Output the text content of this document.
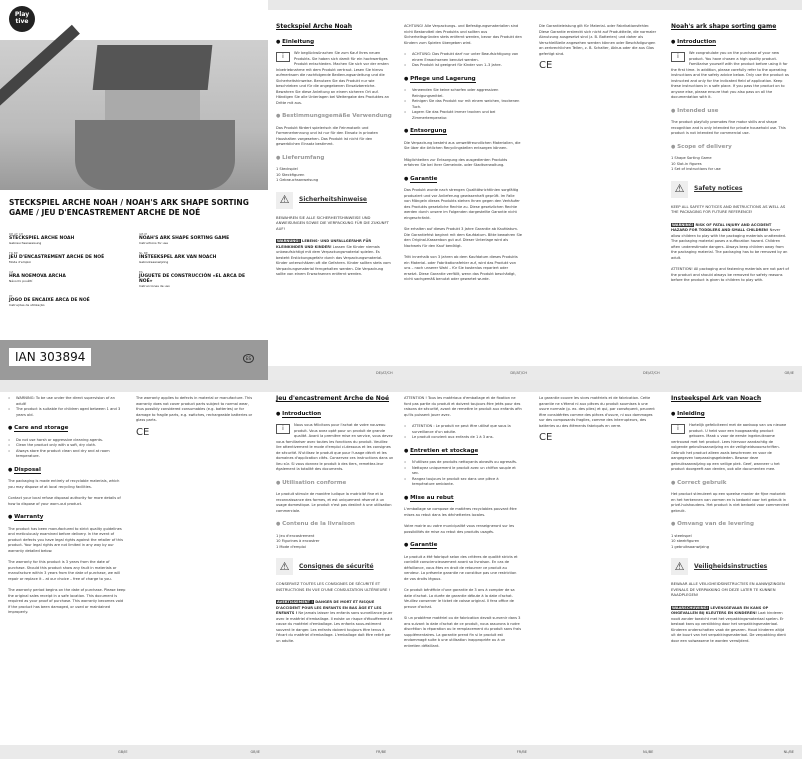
Play
tive
STECKSPIEL ARCHE NOAH / NOAH'S ARK SHAPE SORTING GAME / JEU D'ENCASTREMENT ARCHE DE NOÉ
DE AT CH
STECKSPIEL ARCHE NOAH
Gebrauchsanweisung
GB IE
NOAH'S ARK SHAPE SORTING GAME
Instructions for use
FR BE
JEU D'ENCASTREMENT ARCHE DE NOÉ
Mode d'emploi
NL BE
INSTEEKSPEL ARK VAN NOACH
Gebruiksaanwijzing
CZ
HRA NOEMOVA ARCHA
Návod k použití
ES
JUGUETE DE CONSTRUCCIÓN «EL ARCA DE NOÉ»
Instrucciones de uso
PT
JOGO DE ENCAIXE ARCA DE NOÉ
Instruções de utilização
IAN 303894	ES
Steckspiel Arche Noah
● Einleitung
i	Wir beglückwünschen Sie zum Kauf Ihres neuen Produkts. Sie haben sich damit für ein hochwertiges Produkt entschieden. Machen Sie sich vor der ersten Inbetriebnahme mit dem Produkt vertraut. Lesen Sie hierzu aufmerksam die nachfolgende Bedienungsanleitung und die Sicherheitshinweise. Benutzen Sie das Produkt nur wie beschrieben und für die angegebenen Einsatzbereiche. Bewahren Sie diese Anleitung an einem sicheren Ort auf. Händigen Sie alle Unterlagen bei Weitergabe des Produktes an Dritte mit aus.
● Bestimmungsgemäße Verwendung
Das Produkt fördert spielerisch die Feinmotorik und Formenerkennung und ist nur für den Einsatz in privaten Haushalten vorgesehen. Das Produkt ist nicht für den gewerblichen Einsatz bestimmt.
● Lieferumfang
1 Steckspiel
10 Steckfiguren
1 Gebrauchsanweisung
⚠	Sicherheitshinweise
BEWAHREN SIE ALLE SICHERHEITSHINWEISE UND ANWEISUNGEN SOWIE DIE VERPACKUNG FÜR DIE ZUKUNFT AUF!
WARNUNG! LEBENS- UND UNFALLGEFAHR FÜR KLEINKINDER UND KINDER! Lassen Sie Kinder niemals unbeaufsichtigt mit dem Verpackungsmaterial spielen. Es besteht Erstickungsgefahr durch das Verpackungsmaterial. Kinder unterschätzen oft die Gefahren. Kinder sollten stets vom Verpackungsmaterial ferngehalten werden. Die Verpackung sollte von einem Erwachsenen entfernt werden.
ACHTUNG! Alle Verpackungs- und Befestigungsmaterialien sind nicht Bestandteil des Produkts und sollten aus Sicherheitsgründen stets entfernt werden, bevor das Produkt den Kindern zum Spielen übergeben wird.
▫ ACHTUNG: Das Produkt darf nur unter Beaufsichtigung von einem Erwachsenen benutzt werden.
▫ Das Produkt ist geeignet für Kinder von 1–3 Jahre.
● Pflege und Lagerung
▫ Verwenden Sie keine scharfen oder aggressiven Reinigungsmittel.
▫ Reinigen Sie das Produkt nur mit einem weichen, trockenen Tuch.
▫ Lagern Sie das Produkt immer trocken und bei Zimmertemperatur.
● Entsorgung
Die Verpackung besteht aus umweltfreundlichen Materialien, die Sie über die örtlichen Recyclingstellen entsorgen können.
Möglichkeiten zur Entsorgung des ausgedienten Produkts erfahren Sie bei Ihrer Gemeinde- oder Stadtverwaltung.
● Garantie
Das Produkt wurde nach strengen Qualitätsrichtlinien sorgfältig produziert und vor Anlieferung gewissenhaft geprüft. Im Falle von Mängeln dieses Produkts stehen Ihnen gegen den Verkäufer des Produkts gesetzliche Rechte zu. Diese gesetzlichen Rechte werden durch unsere im Folgenden dargestellte Garantie nicht eingeschränkt.
Sie erhalten auf dieses Produkt 3 Jahre Garantie ab Kaufdatum. Die Garantiefrist beginnt mit dem Kaufdatum. Bitte bewahren Sie den Original-Kassenbon gut auf. Dieser Unterlage wird als Nachweis für den Kauf benötigt.
Tritt innerhalb von 3 Jahren ab dem Kaufdatum dieses Produkts ein Material- oder Fabrikationsfehler auf, wird das Produkt von uns – nach unserer Wahl – für Sie kostenlos repariert oder ersetzt. Diese Garantie verfällt, wenn das Produkt beschädigt, nicht sachgemäß benutzt oder gewartet wurde.
DE/AT/CH	DE/AT/CH
Die Garantieleistung gilt für Material- oder Fabrikationsfehler. Diese Garantie erstreckt sich nicht auf Produktteile, die normaler Abnutzung ausgesetzt sind (z. B. Batterien) und daher als Verschleißteile angesehen werden können oder Beschädigungen an zerbrechlichen Teilen, z. B. Schalter, Akkus oder die aus Glas gefertigt sind.
CE
Noah's ark shape sorting game
● Introduction
i	We congratulate you on the purchase of your new product. You have chosen a high quality product. Familiarise yourself with the product before using it for the first time. In addition, please carefully refer to the operating instructions and the safety advice below. Only use the product as instructed and only for the indicated field of application. Keep these instructions in a safe place. If you pass the product on to anyone else, please ensure that you also pass on all the documentation with it.
● Intended use
The product playfully promotes fine motor skills and shape recognition and is only intended for private household use. This product is not intended for commercial use.
● Scope of delivery
1 Shape Sorting Game
10 Slot-in figures
1 Set of instructions for use
⚠	Safety notices
KEEP ALL SAFETY NOTICES AND INSTRUCTIONS AS WELL AS THE PACKAGING FOR FUTURE REFERENCE!
WARNING! RISK OF FATAL INJURY AND ACCIDENT HAZARD FOR TODDLERS AND SMALL CHILDREN! Never allow children to play with the packaging materials unattended. The packaging material poses a suffocation hazard. Children often underestimate dangers. Always keep children away from the packaging material. The packaging has to be removed by an adult.
ATTENTION! All packaging and fastening materials are not part of the product and should always be removed for safety reasons before the product is given to children to play with.
DE/AT/CH	GB/IE
▫ WARNING: To be use under the direct supervision of an adult!
▫ The product is suitable for children aged between 1 and 3 years old.
● Care and storage
▫ Do not use harsh or aggressive cleaning agents.
▫ Clean the product only with a soft, dry cloth.
▫ Always store the product clean and dry and at room temperature.
● Disposal
The packaging is made entirely of recyclable materials, which you may dispose of at local recycling facilities.
Contact your local refuse disposal authority for more details of how to dispose of your worn-out product.
● Warranty
The product has been manufactured to strict quality guidelines and meticulously examined before delivery. In the event of product defects you have legal rights against the retailer of this product. Your legal rights are not limited in any way by our warranty detailed below.
The warranty for this product is 3 years from the date of purchase. Should this product show any fault in materials or manufacture within 3 years from the date of purchase, we will repair or replace it – at our choice – free of charge to you.
The warranty period begins on the date of purchase. Please keep the original sales receipt in a safe location. This document is required as your proof of purchase. This warranty becomes void if the product has been damaged, or used or maintained improperly.
The warranty applies to defects in material or manufacture. This warranty does not cover product parts subject to normal wear, thus possibly considered consumables (e.g. batteries) or for damage to fragile parts, e.g. switches, rechargeable batteries or glass parts.
CE
GB/IE	GB/IE
Jeu d'encastrement Arche de Noé
● Introduction
i	Nous vous félicitons pour l'achat de votre nouveau produit. Vous avez opté pour un produit de grande qualité. Avant la première mise en service, vous devez vous familiariser avec toutes les fonctions du produit. Veuillez lire attentivement le mode d'emploi ci-dessous et les consignes de sécurité. N'utilisez le produit que pour l'usage décrit et les domaines d'application cités. Conservez ces instructions dans un lieu sûr. Si vous donnez le produit à des tiers, remettez-leur également la totalité des documents.
● Utilisation conforme
Le produit stimule de manière ludique la motricité fine et la reconnaissance des formes, et est uniquement réservé à un usage domestique. Le produit n'est pas destiné à une utilisation commerciale.
● Contenu de la livraison
1 Jeu d'encastrement
10 Figurines à encastrer
1 Mode d'emploi
⚠	Consignes de sécurité
CONSERVEZ TOUTES LES CONSIGNES DE SÉCURITÉ ET INSTRUCTIONS EN VUE D'UNE CONSULTATION ULTÉRIEURE !
AVERTISSEMENT ! DANGER DE MORT ET RISQUE D'ACCIDENT POUR LES ENFANTS EN BAS ÂGE ET LES ENFANTS ! Ne jamais laisser les enfants sans surveillance jouer avec le matériel d'emballage. Il existe un risque d'étouffement à cause du matériel d'emballage. Les enfants sous-estiment souvent le danger. Les enfants doivent toujours être tenus à l'écart du matériel d'emballage. L'emballage doit être retiré par un adulte.
ATTENTION ! Tous les matériaux d'emballage et de fixation ne font pas partie du produit et doivent toujours être jetés pour des raisons de sécurité, avant de remettre le produit aux enfants afin qu'ils puissent jouer avec.
▫ ATTENTION : Le produit ne peut être utilisé que sous la surveillance d'un adulte.
▫ Le produit convient aux enfants de 1 à 3 ans.
● Entretien et stockage
▫ N'utilisez pas de produits nettoyants abrasifs ou agressifs.
▫ Nettoyez uniquement le produit avec un chiffon souple et sec.
▫ Rangez toujours le produit sec dans une pièce à température ambiante.
● Mise au rebut
L'emballage se compose de matières recyclables pouvant être mises au rebut dans les déchetteries locales.
Votre mairie ou votre municipalité vous renseigneront sur les possibilités de mise au rebut des produits usagés.
● Garantie
Le produit a été fabriqué selon des critères de qualité stricts et contrôlé consciencieusement avant sa livraison. En cas de défaillance, vous êtes en droit de retourner ce produit au vendeur. La présente garantie ne constitue pas une restriction de vos droits légaux.
Ce produit bénéficie d'une garantie de 3 ans à compter de sa date d'achat. La durée de garantie débute à la date d'achat. Veuillez conserver le ticket de caisse original. Il fera office de preuve d'achat.
Si un problème matériel ou de fabrication devait survenir dans 3 ans suivant la date d'achat de ce produit, nous assurons à notre discrétion la réparation ou le remplacement du produit sans frais supplémentaires. La garantie prend fin si le produit est endommagé suite à une utilisation inappropriée ou à un entretien défaillant.
FR/BE	FR/BE
La garantie couvre les vices matériels et de fabrication. Cette garantie ne s'étend ni aux pièces du produit soumises à une usure normale (p. ex. des piles) et qui, par conséquent, peuvent être considérées comme des pièces d'usure, ni aux dommages sur des composants fragiles, comme des interrupteurs, des batteries ou des éléments fabriqués en verre.
CE
Insteekspel Ark van Noach
● Inleiding
i	Hartelijk gefeliciteerd met de aankoop van uw nieuwe product. U hebt voor een hoogwaardig product gekozen. Maak u voor de eerste ingebruikname vertrouwd met het product. Lees hiervoor aandachtig de volgende gebruiksaanwijzing en de veiligheidsvoorschriften. Gebruik het product alleen zoals beschreven en voor de aangegeven toepassingsgebieden. Bewaar deze gebruiksaanwijzing op een veilige plek. Geef, wanneer u het product doorgeeft aan derden, ook alle documenten mee.
● Correct gebruik
Het product stimuleert op een speelse manier de fijne motoriek en het herkennen van vormen en is bedoeld voor het gebruik in privé-huishoudens. Het product is niet bedoeld voor commercieel gebruik.
● Omvang van de levering
1 steekspel
10 steekfiguren
1 gebruiksaanwijzing
⚠	Veiligheidsinstructies
BEWAAR ALLE VEILIGHEIDSINSTRUCTIES EN AANWIJZINGEN EVENALS DE VERPAKKING OM DEZE LATER TE KUNNEN RAADPLEGEN!
WAARSCHUWING! LEVENSGEVAAR EN KANS OP ONGEVALLEN BIJ KLEUTERS EN KINDEREN! Laat kinderen nooit zonder toezicht met het verpakkingsmateriaal spelen. Er bestaat kans op verstikking door het verpakkingsmateriaal. Kinderen onderschatten vaak de gevaren. Houd kinderen altijd uit de buurt van het verpakkingsmateriaal. De verpakking dient door een volwassene te worden verwijderd.
NL/BE	NL/BE
